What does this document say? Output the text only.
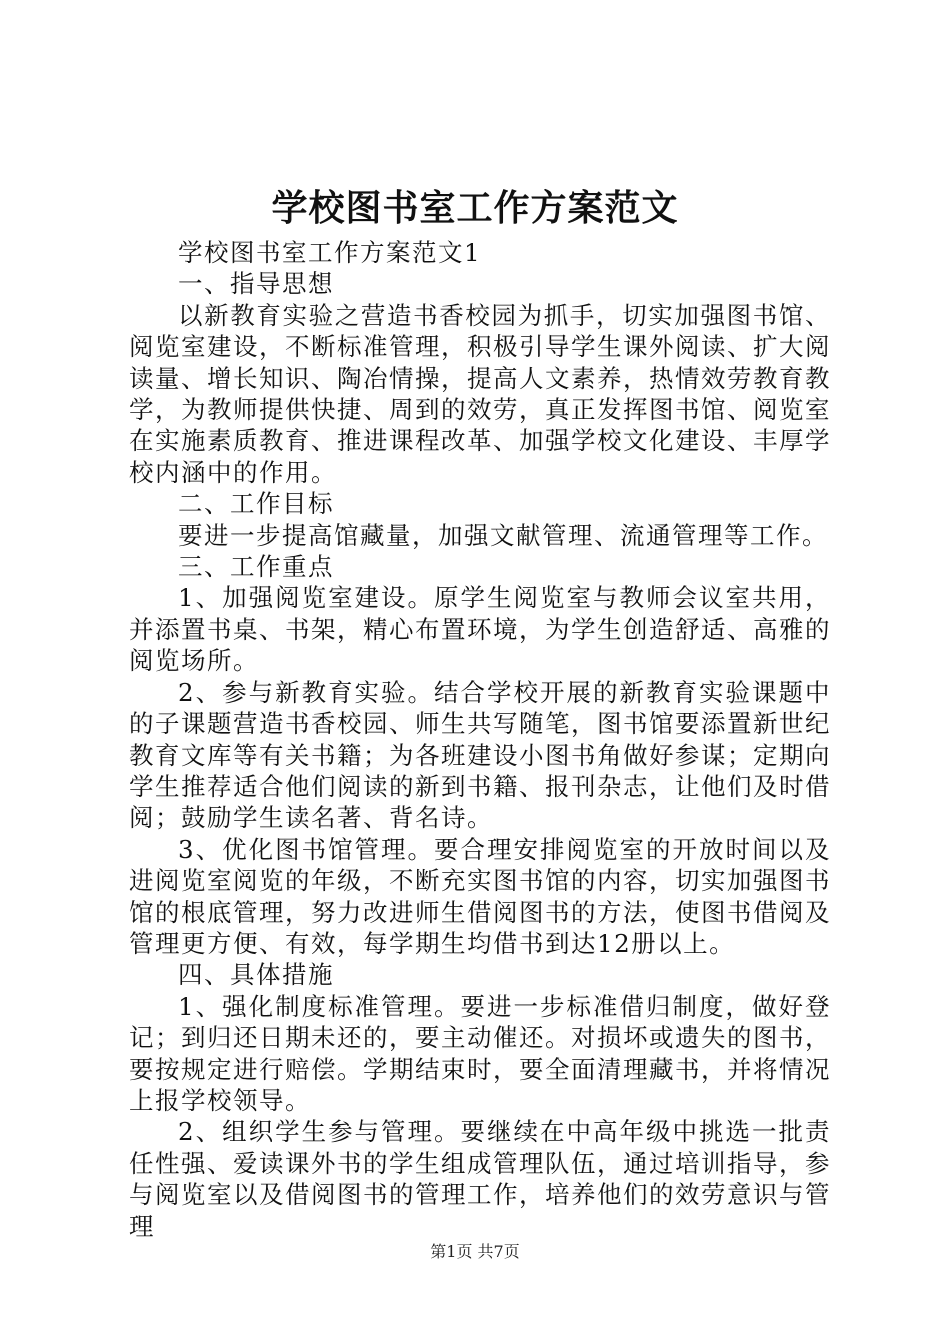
学校图书室工作方案范文

学校图书室工作方案范文1

一、指导思想

以新教育实验之营造书香校园为抓手，切实加强图书馆、阅览室建设，不断标准管理，积极引导学生课外阅读、扩大阅读量、增长知识、陶冶情操，提高人文素养，热情效劳教育教学，为教师提供快捷、周到的效劳，真正发挥图书馆、阅览室在实施素质教育、推进课程改革、加强学校文化建设、丰厚学校内涵中的作用。

二、工作目标

要进一步提高馆藏量，加强文献管理、流通管理等工作。

三、工作重点

1、加强阅览室建设。原学生阅览室与教师会议室共用，并添置书桌、书架，精心布置环境，为学生创造舒适、高雅的阅览场所。

2、参与新教育实验。结合学校开展的新教育实验课题中的子课题营造书香校园、师生共写随笔，图书馆要添置新世纪教育文库等有关书籍；为各班建设小图书角做好参谋；定期向学生推荐适合他们阅读的新到书籍、报刊杂志，让他们及时借阅；鼓励学生读名著、背名诗。

3、优化图书馆管理。要合理安排阅览室的开放时间以及进阅览室阅览的年级，不断充实图书馆的内容，切实加强图书馆的根底管理，努力改进师生借阅图书的方法，使图书借阅及管理更方便、有效，每学期生均借书到达12册以上。

四、具体措施

1、强化制度标准管理。要进一步标准借归制度，做好登记；到归还日期未还的，要主动催还。对损坏或遗失的图书，要按规定进行赔偿。学期结束时，要全面清理藏书，并将情况上报学校领导。

2、组织学生参与管理。要继续在中高年级中挑选一批责任性强、爱读课外书的学生组成管理队伍，通过培训指导，参与阅览室以及借阅图书的管理工作，培养他们的效劳意识与管理

第1页 共7页
